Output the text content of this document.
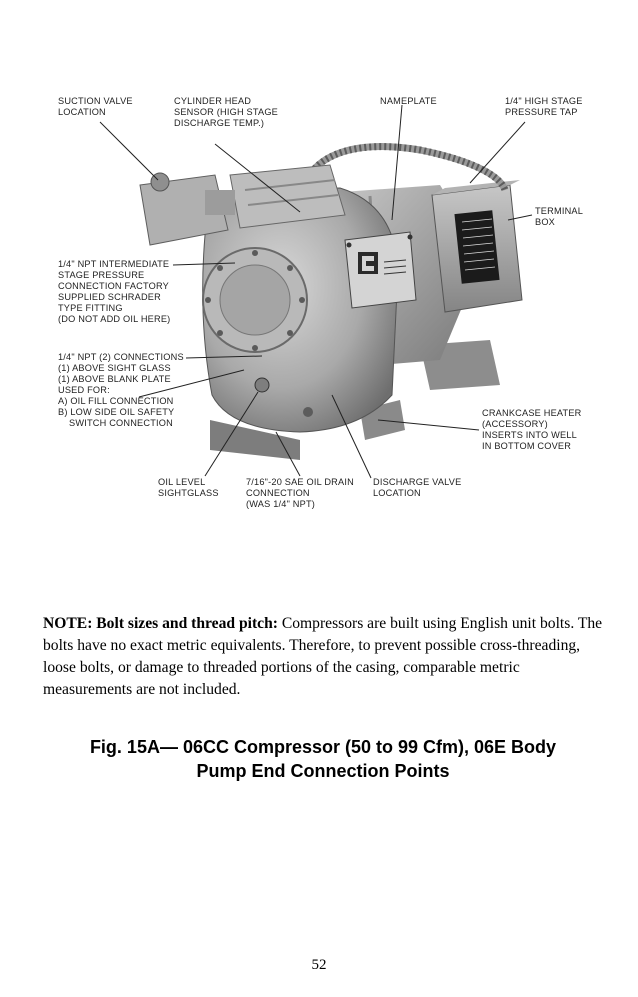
SUCTION VALVE
LOCATION
CYLINDER HEAD
SENSOR (HIGH STAGE
DISCHARGE TEMP.)
NAMEPLATE	1/4" HIGH STAGE
PRESSURE TAP
TERMINAL
BOX
1/4" NPT INTERMEDIATE
STAGE PRESSURE
CONNECTION FACTORY
SUPPLIED SCHRADER
TYPE FITTING
(DO NOT ADD OIL HERE)
1/4" NPT (2) CONNECTIONS
(1) ABOVE SIGHT GLASS
(1) ABOVE BLANK PLATE
USED FOR:
A) OIL FILL CONNECTION
B) LOW SIDE OIL SAFETY
SWITCH CONNECTION
CRANKCASE HEATER
(ACCESSORY)
INSERTS INTO WELL
IN BOTTOM COVER
OIL LEVEL
SIGHTGLASS
7/16"-20 SAE OIL DRAIN
CONNECTION
(WAS 1/4" NPT)
DISCHARGE VALVE
LOCATION
NOTE: Bolt sizes and thread pitch: Compressors are built using English unit bolts. The bolts have no exact metric equivalents. Therefore, to prevent possible cross-threading, loose bolts, or damage to threaded portions of the casing, comparable metric measurements are not included.
Fig. 15A— 06CC Compressor (50 to 99 Cfm), 06E Body
Pump End Connection Points
52
